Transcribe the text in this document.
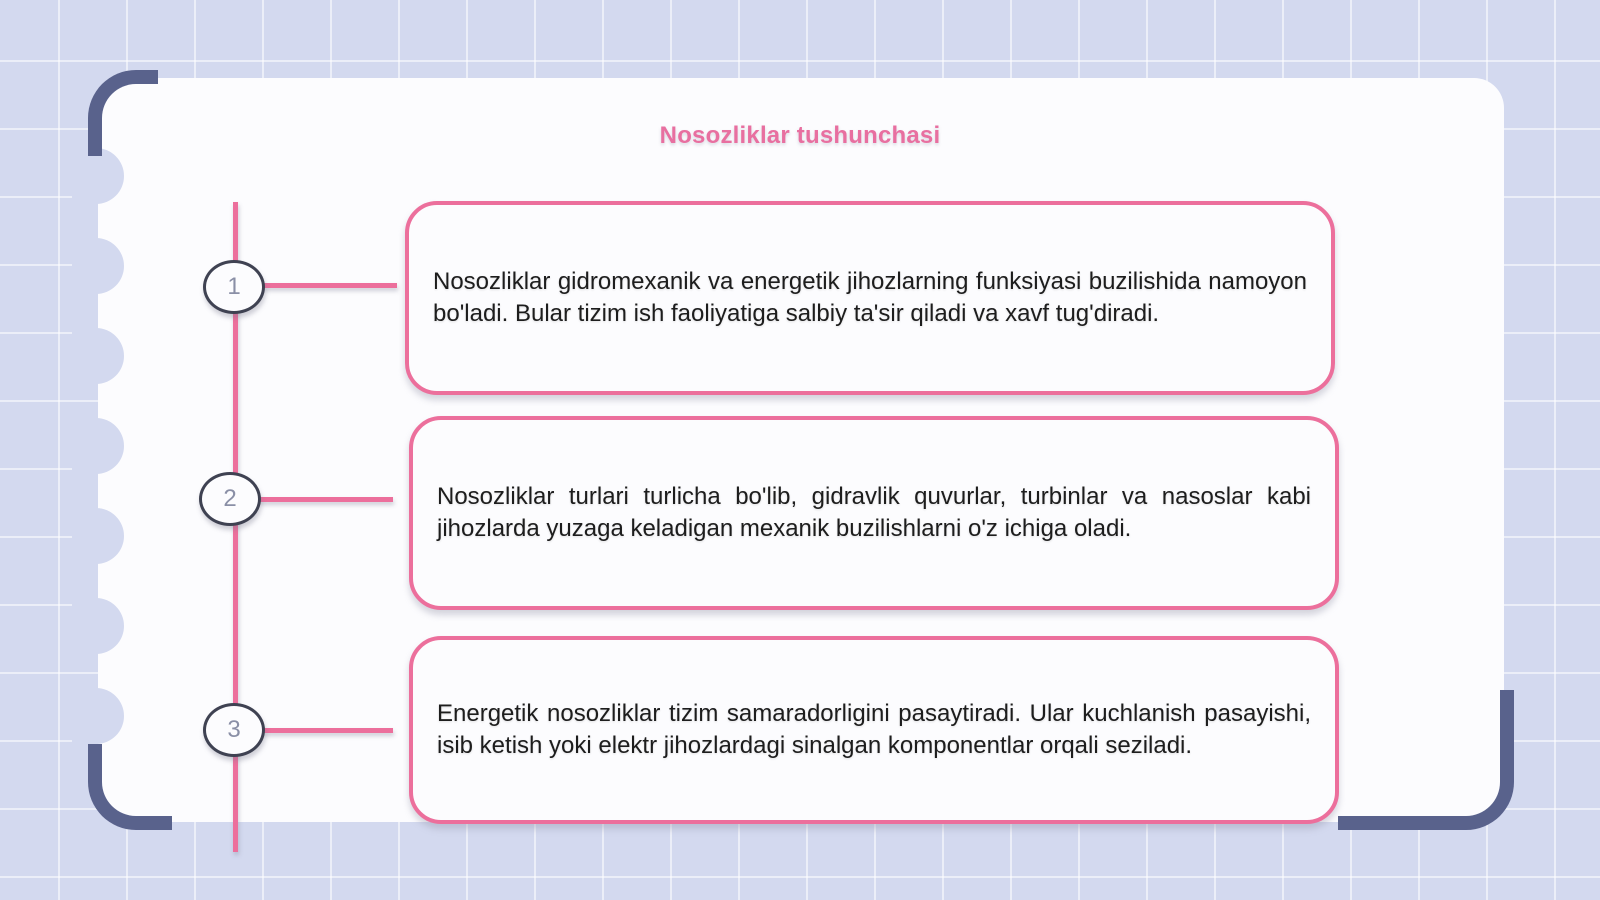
Nosozliklar tushunchasi
1
2
3
Nosozliklar gidromexanik va energetik jihozlarning funksiyasi buzilishida namoyon bo'ladi. Bular tizim ish faoliyatiga salbiy ta'sir qiladi va xavf tug'diradi.
Nosozliklar turlari turlicha bo'lib, gidravlik quvurlar, turbinlar va nasoslar kabi jihozlarda yuzaga keladigan mexanik buzilishlarni o'z ichiga oladi.
Energetik nosozliklar tizim samaradorligini pasaytiradi. Ular kuchlanish pasayishi, isib ketish yoki elektr jihozlardagi sinalgan komponentlar orqali seziladi.
